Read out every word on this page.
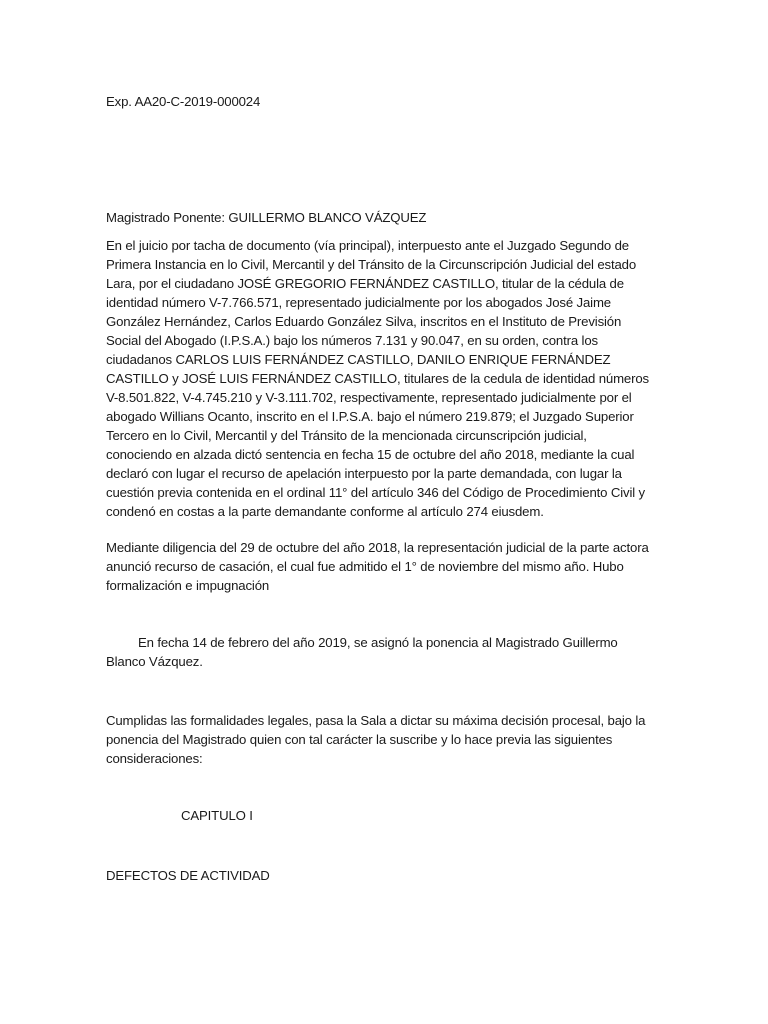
Exp. AA20-C-2019-000024

Magistrado Ponente: GUILLERMO BLANCO VÁZQUEZ

En el juicio por tacha de documento (vía principal), interpuesto ante el Juzgado Segundo de Primera Instancia en lo Civil, Mercantil y del Tránsito de la Circunscripción Judicial del estado Lara, por el ciudadano JOSÉ GREGORIO FERNÁNDEZ CASTILLO, titular de la cédula de identidad número V-7.766.571, representado judicialmente por los abogados José Jaime González Hernández, Carlos Eduardo González Silva, inscritos en el Instituto de Previsión Social del Abogado (I.P.S.A.) bajo los números 7.131 y 90.047, en su orden, contra los ciudadanos CARLOS LUIS FERNÁNDEZ CASTILLO, DANILO ENRIQUE FERNÁNDEZ CASTILLO y JOSÉ LUIS FERNÁNDEZ CASTILLO, titulares de la cedula de identidad números V-8.501.822, V-4.745.210 y V-3.111.702, respectivamente, representado judicialmente por el abogado Willians Ocanto, inscrito en el I.P.S.A. bajo el número 219.879; el Juzgado Superior Tercero en lo Civil, Mercantil y del Tránsito de la mencionada circunscripción judicial, conociendo en alzada dictó sentencia en fecha 15 de octubre del año 2018, mediante la cual declaró con lugar el recurso de apelación interpuesto por la parte demandada, con lugar la cuestión previa contenida en el ordinal 11° del artículo 346 del Código de Procedimiento Civil y condenó en costas a la parte demandante conforme al artículo 274 eiusdem.

Mediante diligencia del 29 de octubre del año 2018, la representación judicial de la parte actora anunció recurso de casación, el cual fue admitido el 1° de noviembre del mismo año. Hubo formalización e impugnación

En fecha 14 de febrero del año 2019, se asignó la ponencia al Magistrado Guillermo Blanco Vázquez.

Cumplidas las formalidades legales, pasa la Sala a dictar su máxima decisión procesal, bajo la ponencia del Magistrado quien con tal carácter la suscribe y lo hace previa las siguientes consideraciones:

CAPITULO I

DEFECTOS DE ACTIVIDAD
